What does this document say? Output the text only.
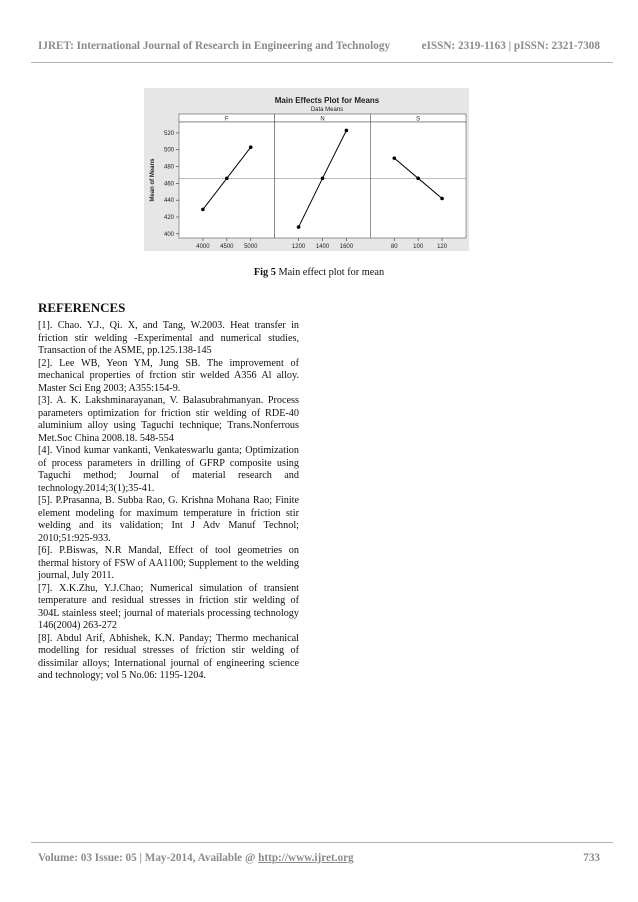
IJRET: International Journal of Research in Engineering and Technology	eISSN: 2319-1163 | pISSN: 2321-7308
Main Effects Plot for Means
Data Means
Mean of Means
400
420
440
460
480
500
520
F
4000 4500 5000
N
1200 1400 1600
S
80	100 120
Fig 5 Main effect plot for mean
REFERENCES

[1]. Chao. Y.J., Qi. X, and Tang, W.2003. Heat transfer in friction stir welding -Experimental and numerical studies, Transaction of the ASME, pp.125.138-145

[2]. Lee WB, Yeon YM, Jung SB. The improvement of mechanical properties of frction stir welded A356 Al alloy. Master Sci Eng 2003; A355:154-9.

[3]. A. K. Lakshminarayanan, V. Balasubrahmanyan. Process parameters optimization for friction stir welding of RDE-40 aluminium alloy using Taguchi technique; Trans.Nonferrous Met.Soc China 2008.18. 548-554

[4]. Vinod kumar vankanti, Venkateswarlu ganta; Optimization of process parameters in drilling of GFRP composite using Taguchi method; Journal of material research and technology.2014;3(1);35-41.

[5]. P.Prasanna, B. Subba Rao, G. Krishna Mohana Rao; Finite element modeling for maximum temperature in friction stir welding and its validation; Int J Adv Manuf Technol; 2010;51:925-933.

[6]. P.Biswas, N.R Mandal, Effect of tool geometries on thermal history of FSW of AA1100; Supplement to the welding journal, July 2011.

[7]. X.K.Zhu, Y.J.Chao; Numerical simulation of transient temperature and residual stresses in friction stir welding of 304L stainless steel; journal of materials processing technology 146(2004) 263-272

[8]. Abdul Arif, Abhishek, K.N. Panday; Thermo mechanical modelling for residual stresses of friction stir welding of dissimilar alloys; International journal of engineering science and technology; vol 5 No.06: 1195-1204.

Volume: 03 Issue: 05 | May-2014, Available @ http://www.ijret.org	733
